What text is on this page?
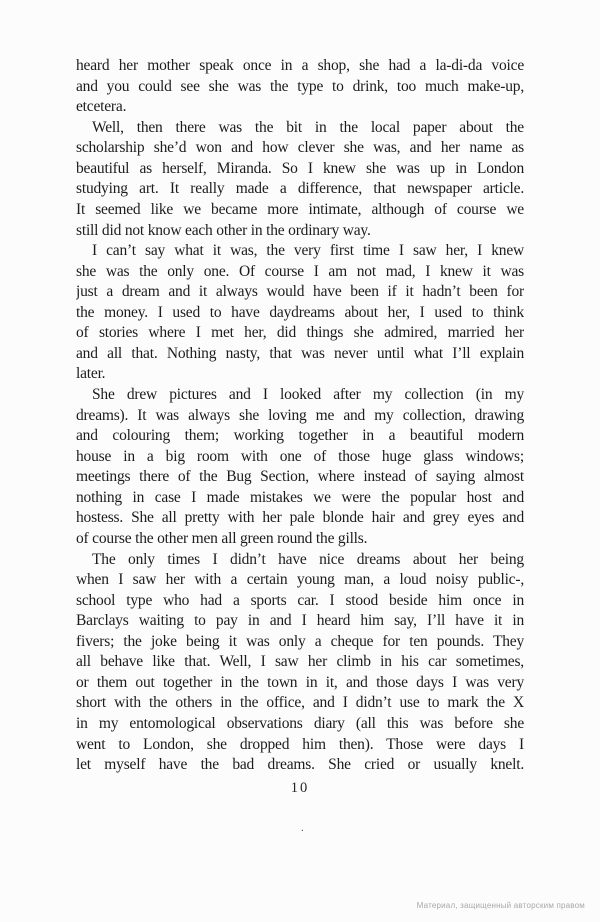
heard her mother speak once in a shop, she had a la-di-da voice
and you could see she was the type to drink, too much make-up,
etcetera.
Well, then there was the bit in the local paper about the
scholarship she’d won and how clever she was, and her name as
beautiful as herself, Miranda. So I knew she was up in London
studying art. It really made a difference, that newspaper article.
It seemed like we became more intimate, although of course we
still did not know each other in the ordinary way.
I can’t say what it was, the very first time I saw her, I knew
she was the only one. Of course I am not mad, I knew it was
just a dream and it always would have been if it hadn’t been for
the money. I used to have daydreams about her, I used to think
of stories where I met her, did things she admired, married her
and all that. Nothing nasty, that was never until what I’ll explain
later.
She drew pictures and I looked after my collection (in my
dreams). It was always she loving me and my collection, drawing
and colouring them; working together in a beautiful modern
house in a big room with one of those huge glass windows;
meetings there of the Bug Section, where instead of saying almost
nothing in case I made mistakes we were the popular host and
hostess. She all pretty with her pale blonde hair and grey eyes and
of course the other men all green round the gills.
The only times I didn’t have nice dreams about her being
when I saw her with a certain young man, a loud noisy public-,
school type who had a sports car. I stood beside him once in
Barclays waiting to pay in and I heard him say, I’ll have it in
fivers; the joke being it was only a cheque for ten pounds. They
all behave like that. Well, I saw her climb in his car sometimes,
or them out together in the town in it, and those days I was very
short with the others in the office, and I didn’t use to mark the X
in my entomological observations diary (all this was before she
went to London, she dropped him then). Those were days I
let myself have the bad dreams. She cried or usually knelt.
10
.
Материал, защищенный авторским правом
